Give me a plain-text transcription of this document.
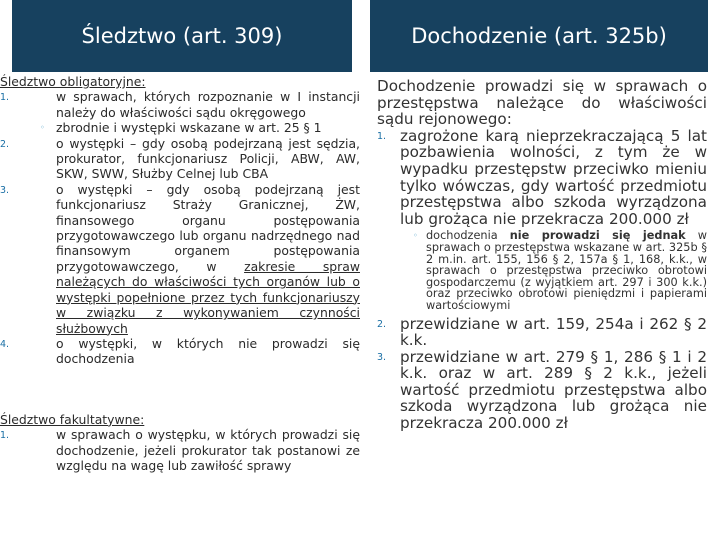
Śledztwo (art. 309)	Dochodzenie (art. 325b)

Śledztwo obligatoryjne:

1.	w sprawach, których rozpoznanie w I instancji należy do właściwości sądu okręgowego
◦ zbrodnie i występki wskazane w art. 25 § 1
2.	o występki – gdy osobą podejrzaną jest sędzia, prokurator, funkcjonariusz Policji, ABW, AW, SKW, SWW, Służby Celnej lub CBA
3.	o występki – gdy osobą podejrzaną jest funkcjonariusz Straży Granicznej, ŻW, finansowego organu postępowania przygotowawczego lub organu nadrzędnego nad finansowym organem postępowania przygotowawczego, w zakresie spraw należących do właściwości tych organów lub o występki popełnione przez tych funkcjonariuszy w związku z wykonywaniem czynności służbowych
4.	o występki, w których nie prowadzi się dochodzenia

Śledztwo fakultatywne:

1.	w sprawach o występku, w których prowadzi się dochodzenie, jeżeli prokurator tak postanowi ze względu na wagę lub zawiłość sprawy
Dochodzenie prowadzi się w sprawach o przestępstwa należące do właściwości sądu rejonowego:
1. zagrożone karą nieprzekraczającą 5 lat pozbawienia wolności, z tym że w wypadku przestępstw przeciwko mieniu tylko wówczas, gdy wartość przedmiotu przestępstwa albo szkoda wyrządzona lub grożąca nie przekracza 200.000 zł
◦ dochodzenia nie prowadzi się jednak w sprawach o przestępstwa wskazane w art. 325b § 2 m.in. art. 155, 156 § 2, 157a § 1, 168, k.k., w sprawach o przestępstwa przeciwko obrotowi gospodarczemu (z wyjątkiem art. 297 i 300 k.k.) oraz przeciwko obrotowi pieniędzmi i papierami wartościowymi
2. przewidziane w art. 159, 254a i 262 § 2 k.k.
3. przewidziane w art. 279 § 1, 286 § 1 i 2 k.k. oraz w art. 289 § 2 k.k., jeżeli wartość przedmiotu przestępstwa albo szkoda wyrządzona lub grożąca nie przekracza 200.000 zł
